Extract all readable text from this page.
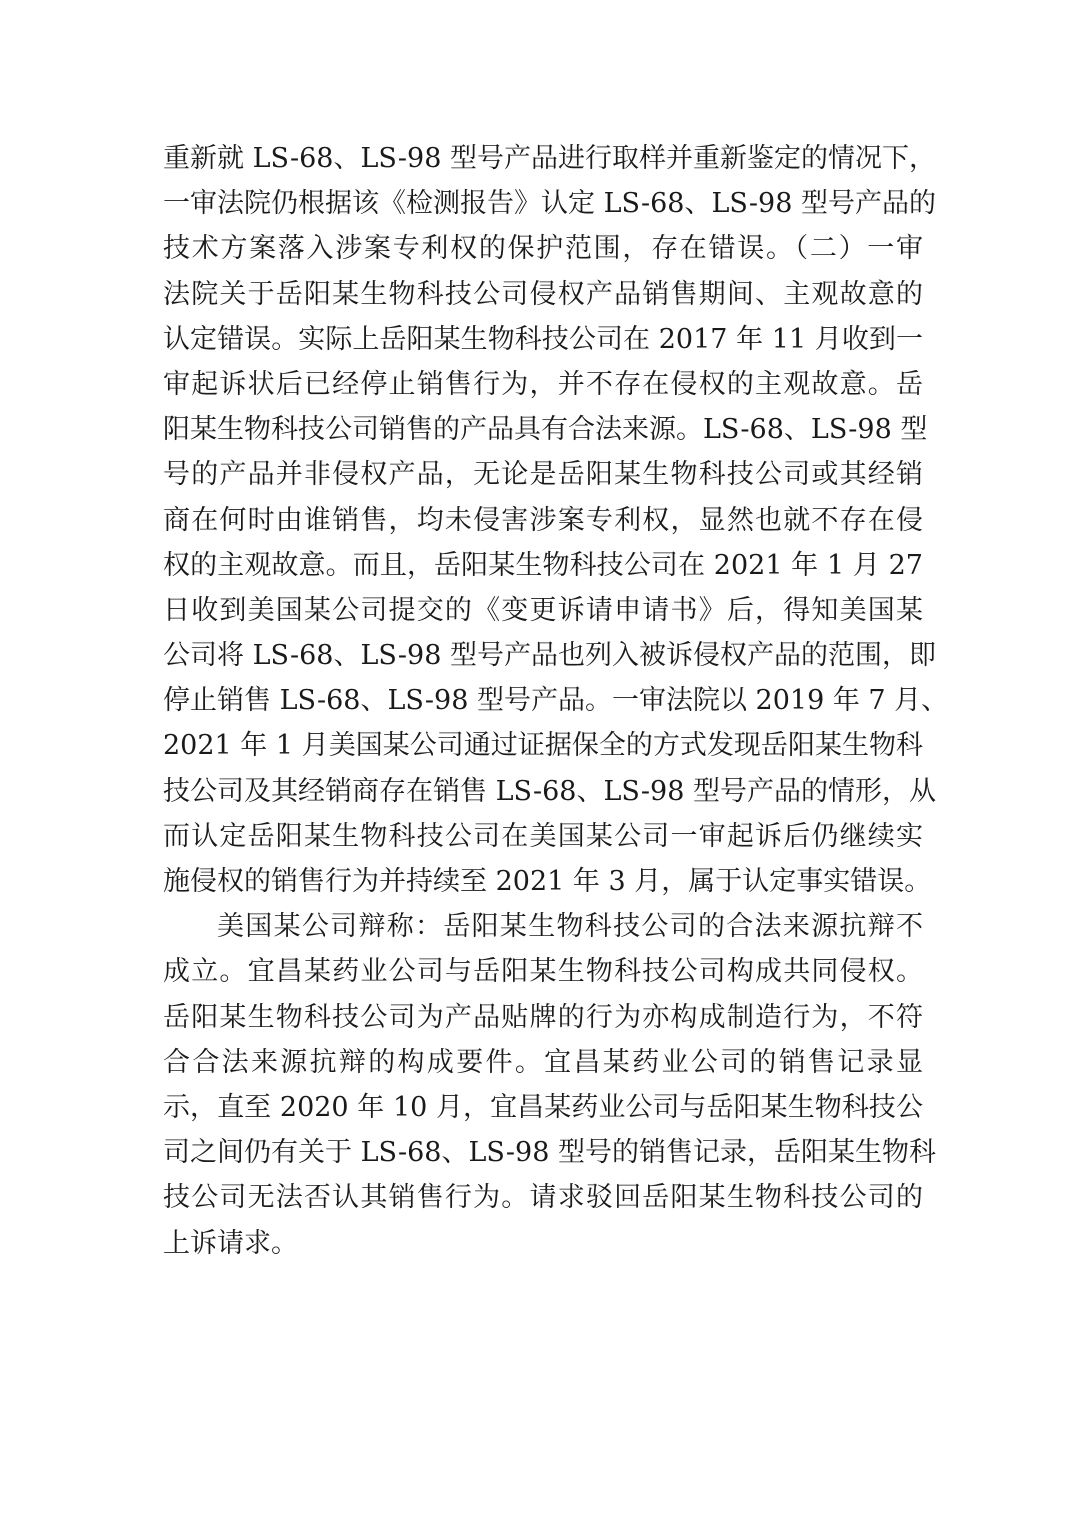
重新就 LS-68、LS-98 型号产品进行取样并重新鉴定的情况下，
一审法院仍根据该《检测报告》认定 LS-68、LS-98 型号产品的
技术方案落入涉案专利权的保护范围，存在错误。（二）一审
法院关于岳阳某生物科技公司侵权产品销售期间、主观故意的
认定错误。实际上岳阳某生物科技公司在 2017 年 11 月收到一
审起诉状后已经停止销售行为，并不存在侵权的主观故意。岳
阳某生物科技公司销售的产品具有合法来源。LS-68、LS-98 型
号的产品并非侵权产品，无论是岳阳某生物科技公司或其经销
商在何时由谁销售，均未侵害涉案专利权，显然也就不存在侵
权的主观故意。而且，岳阳某生物科技公司在 2021 年 1 月 27
日收到美国某公司提交的《变更诉请申请书》后，得知美国某
公司将 LS-68、LS-98 型号产品也列入被诉侵权产品的范围，即
停止销售 LS-68、LS-98 型号产品。一审法院以 2019 年 7 月、
2021 年 1 月美国某公司通过证据保全的方式发现岳阳某生物科
技公司及其经销商存在销售 LS-68、LS-98 型号产品的情形，从
而认定岳阳某生物科技公司在美国某公司一审起诉后仍继续实
施侵权的销售行为并持续至 2021 年 3 月，属于认定事实错误。
美国某公司辩称：岳阳某生物科技公司的合法来源抗辩不
成立。宜昌某药业公司与岳阳某生物科技公司构成共同侵权。
岳阳某生物科技公司为产品贴牌的行为亦构成制造行为，不符
合合法来源抗辩的构成要件。宜昌某药业公司的销售记录显
示，直至 2020 年 10 月，宜昌某药业公司与岳阳某生物科技公
司之间仍有关于 LS-68、LS-98 型号的销售记录，岳阳某生物科
技公司无法否认其销售行为。请求驳回岳阳某生物科技公司的
上诉请求。
